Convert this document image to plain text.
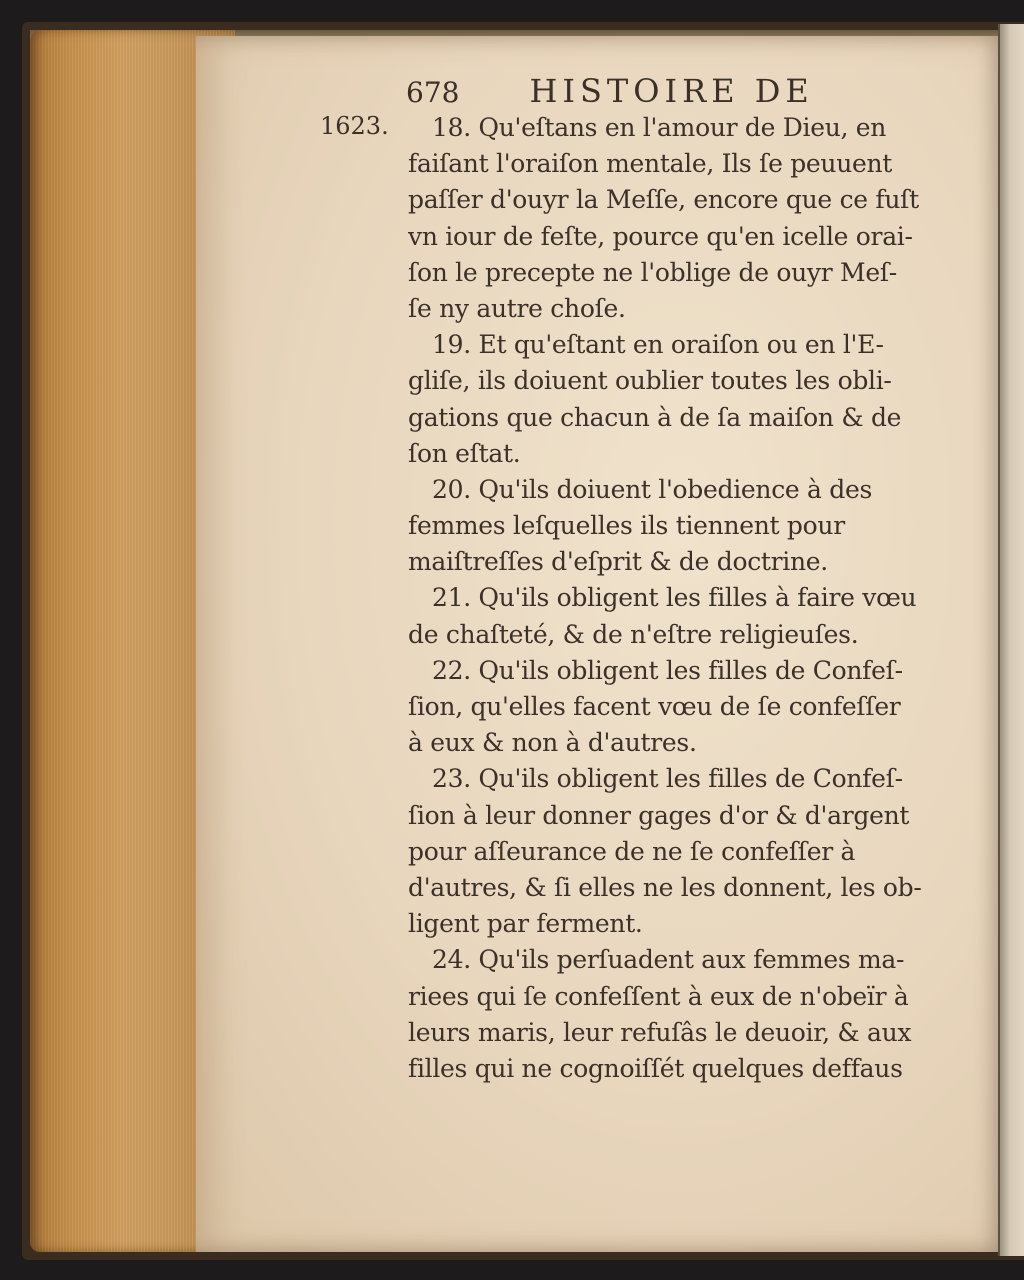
678 HISTOIRE DE
1623.	18. Qu'eſtans en l'amour de Dieu, en
faiſant l'oraiſon mentale, Ils ſe peuuent
paſſer d'ouyr la Meſſe, encore que ce fuſt
vn iour de feſte, pource qu'en icelle orai-
ſon le precepte ne l'oblige de ouyr Meſ-
ſe ny autre choſe.
19. Et qu'eſtant en oraiſon ou en l'E-
gliſe, ils doiuent oublier toutes les obli-
gations que chacun à de ſa maiſon & de
ſon eſtat.
20. Qu'ils doiuent l'obedience à des
femmes leſquelles ils tiennent pour
maiſtreſſes d'eſprit & de doctrine.
21. Qu'ils obligent les filles à faire vœu
de chaſteté, & de n'eſtre religieuſes.
22. Qu'ils obligent les filles de Confeſ-
ſion, qu'elles facent vœu de ſe confeſſer
à eux & non à d'autres.
23. Qu'ils obligent les filles de Confeſ-
ſion à leur donner gages d'or & d'argent
pour aſſeurance de ne ſe confeſſer à
d'autres, & ſi elles ne les donnent, les ob-
ligent par ferment.
24. Qu'ils perſuadent aux femmes ma-
riees qui ſe confeſſent à eux de n'obeïr à
leurs maris, leur refuſâs le deuoir, & aux
filles qui ne cognoiſſét quelques deffaus
